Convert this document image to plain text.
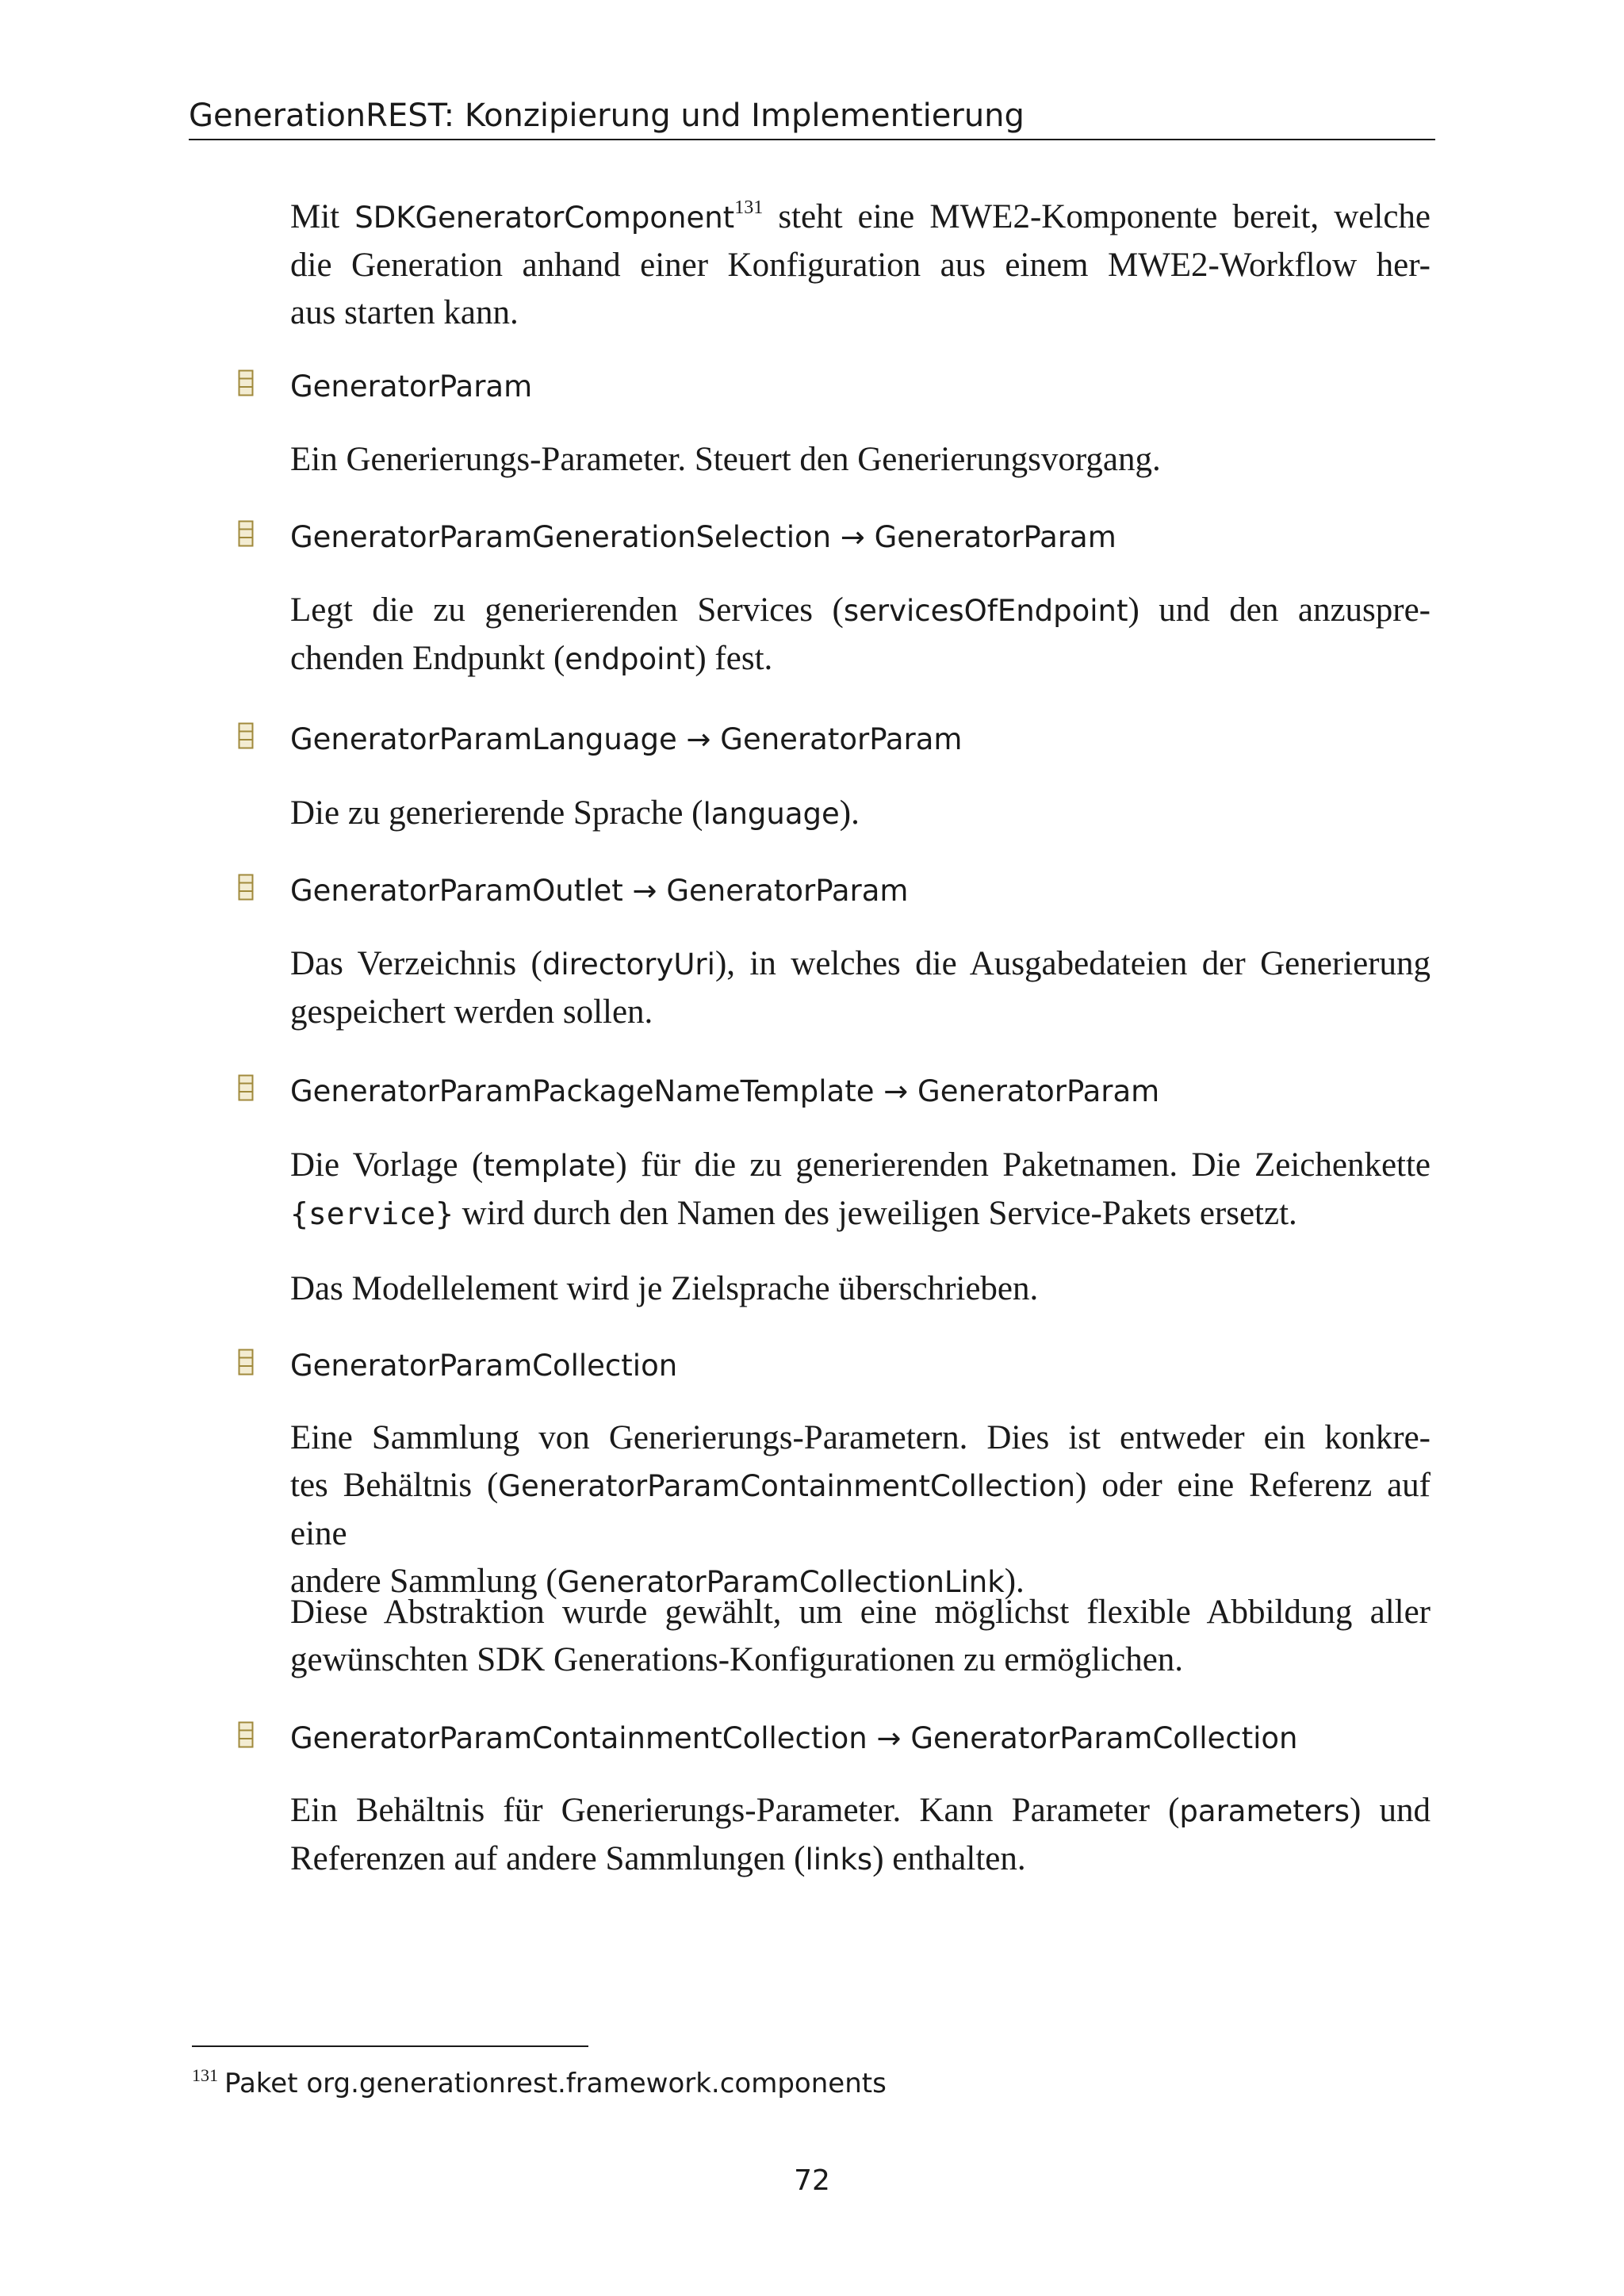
GenerationREST: Konzipierung und Implementierung
Mit SDKGeneratorComponent$^{131}$ steht eine MWE2-Komponente bereit, welche
die Generation anhand einer Konfiguration aus einem MWE2-Workflow her-
aus starten kann.
GeneratorParam
Ein Generierungs-Parameter. Steuert den Generierungsvorgang.
GeneratorParamGenerationSelection → GeneratorParam
Legt die zu generierenden Services (servicesOfEndpoint) und den anzuspre-
chenden Endpunkt (endpoint) fest.
GeneratorParamLanguage → GeneratorParam
Die zu generierende Sprache (language).
GeneratorParamOutlet → GeneratorParam
Das Verzeichnis (directoryUri), in welches die Ausgabedateien der Generierung
gespeichert werden sollen.
GeneratorParamPackageNameTemplate → GeneratorParam
Die Vorlage (template) für die zu generierenden Paketnamen. Die Zeichenkette
{service} wird durch den Namen des jeweiligen Service-Pakets ersetzt.
Das Modellelement wird je Zielsprache überschrieben.
GeneratorParamCollection
Eine Sammlung von Generierungs-Parametern. Dies ist entweder ein konkre-
tes Behältnis (GeneratorParamContainmentCollection) oder eine Referenz auf eine
andere Sammlung (GeneratorParamCollectionLink).
Diese Abstraktion wurde gewählt, um eine möglichst flexible Abbildung aller
gewünschten SDK Generations-Konfigurationen zu ermöglichen.
GeneratorParamContainmentCollection → GeneratorParamCollection
Ein Behältnis für Generierungs-Parameter. Kann Parameter (parameters) und
Referenzen auf andere Sammlungen (links) enthalten.
$^{131}$ Paket org.generationrest.framework.components
72
